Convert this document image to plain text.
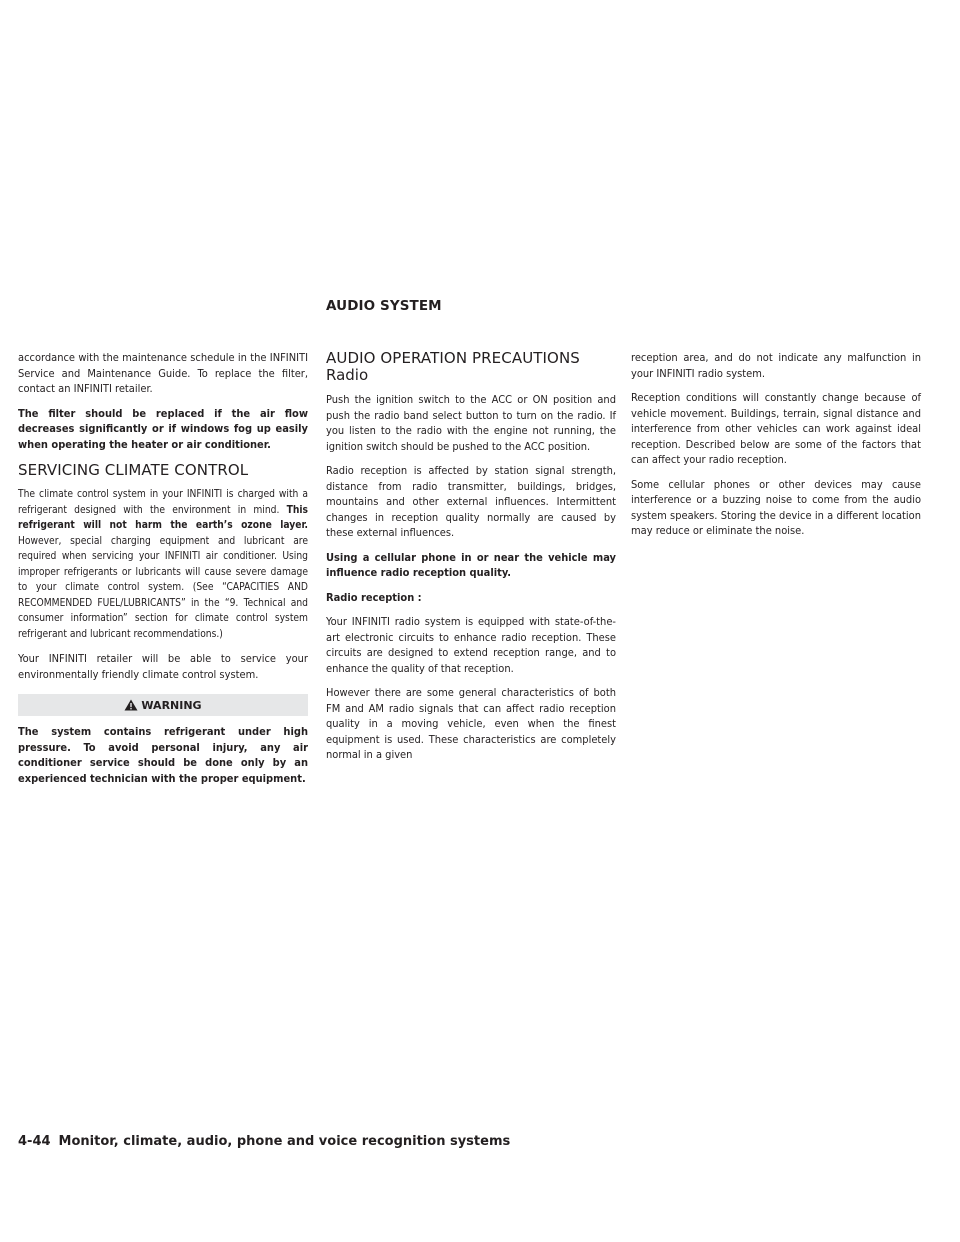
AUDIO SYSTEM

accordance with the maintenance schedule in the INFINITI Service and Maintenance Guide. To replace the filter, contact an INFINITI retailer.

The filter should be replaced if the air flow decreases significantly or if windows fog up easily when operating the heater or air conditioner.

SERVICING CLIMATE CONTROL

The climate control system in your INFINITI is charged with a refrigerant designed with the environment in mind. This refrigerant will not harm the earth’s ozone layer. However, special charging equipment and lubricant are required when servicing your INFINITI air conditioner. Using improper refrigerants or lubricants will cause severe damage to your climate control system. (See “CAPACITIES AND RECOMMENDED FUEL/LUBRICANTS” in the “9. Technical and consumer information” section for climate control system refrigerant and lubricant recommendations.)

Your INFINITI retailer will be able to service your environmentally friendly climate control system.

WARNING

The system contains refrigerant under high pressure. To avoid personal injury, any air conditioner service should be done only by an experienced technician with the proper equipment.

AUDIO OPERATION PRECAUTIONS
Radio

Push the ignition switch to the ACC or ON position and push the radio band select button to turn on the radio. If you listen to the radio with the engine not running, the ignition switch should be pushed to the ACC position.

Radio reception is affected by station signal strength, distance from radio transmitter, buildings, bridges, mountains and other external influences. Intermittent changes in reception quality normally are caused by these external influences.

Using a cellular phone in or near the vehicle may influence radio reception quality.

Radio reception :

Your INFINITI radio system is equipped with state-of-the-art electronic circuits to enhance radio reception. These circuits are designed to extend reception range, and to enhance the quality of that reception.

However there are some general characteristics of both FM and AM radio signals that can affect radio reception quality in a moving vehicle, even when the finest equipment is used. These characteristics are completely normal in a given

reception area, and do not indicate any malfunction in your INFINITI radio system.

Reception conditions will constantly change because of vehicle movement. Buildings, terrain, signal distance and interference from other vehicles can work against ideal reception. Described below are some of the factors that can affect your radio reception.

Some cellular phones or other devices may cause interference or a buzzing noise to come from the audio system speakers. Storing the device in a different location may reduce or eliminate the noise.

4-44 Monitor, climate, audio, phone and voice recognition systems
